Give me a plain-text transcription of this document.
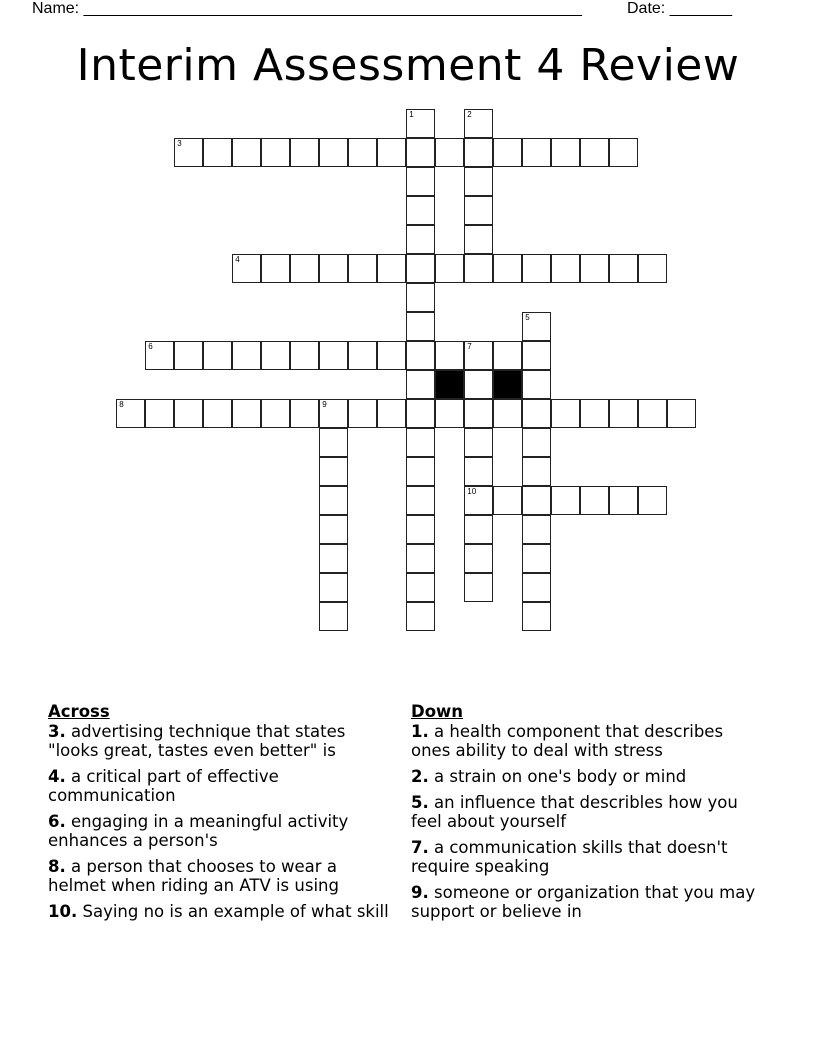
Name: ________________________________________________________	Date: _______
Interim Assessment 4 Review
1	2
3
4
5
6	7
10
8	9
Across
3. advertising technique that states "looks great, tastes even better" is
4. a critical part of effective communication
6. engaging in a meaningful activity enhances a person's
8. a person that chooses to wear a helmet when riding an ATV is using
10. Saying no is an example of what skill
Down
1. a health component that describes ones ability to deal with stress
2. a strain on one's body or mind
5. an influence that describles how you feel about yourself
7. a communication skills that doesn't require speaking
9. someone or organization that you may support or believe in
